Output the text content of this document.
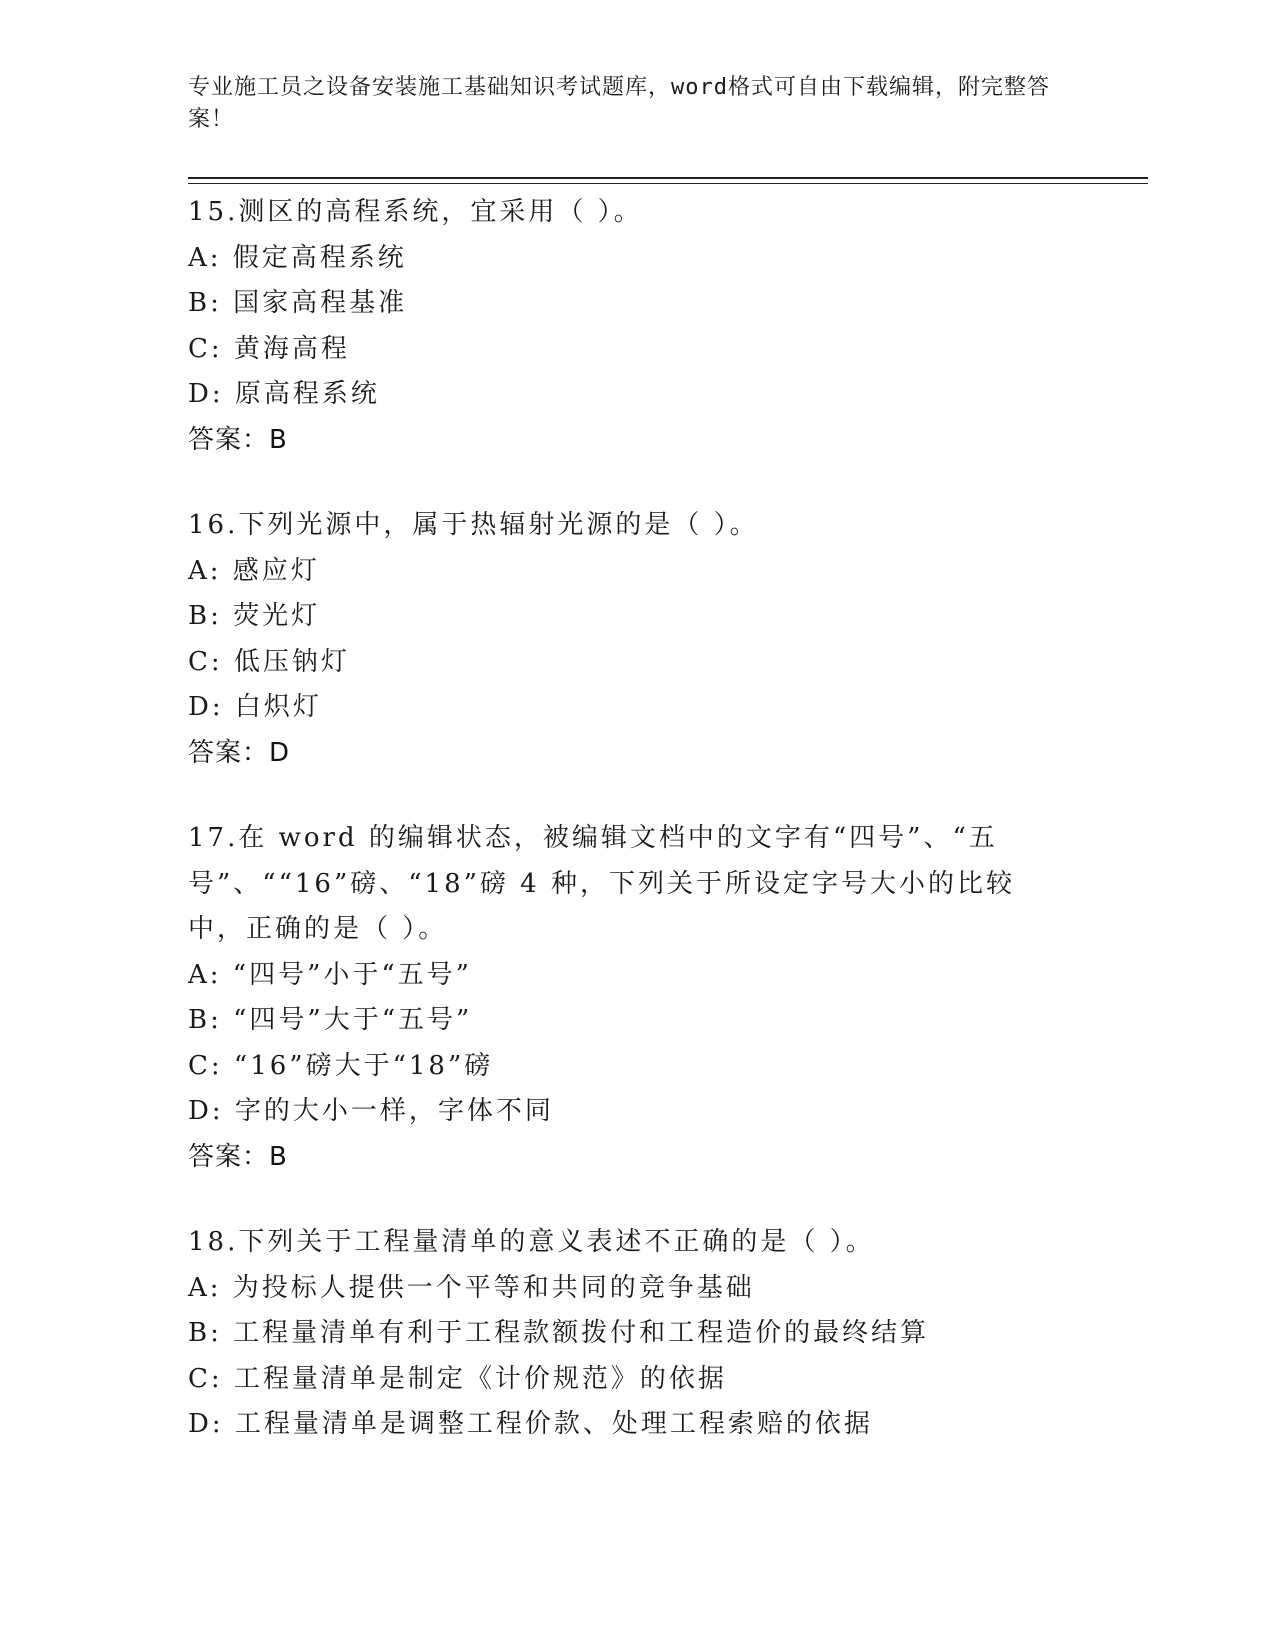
专业施工员之设备安装施工基础知识考试题库，word格式可自由下载编辑，附完整答案！
15.测区的高程系统，宜采用（ ）。
A: 假定高程系统
B: 国家高程基准
C: 黄海高程
D: 原高程系统
答案：B
16.下列光源中，属于热辐射光源的是（ ）。
A: 感应灯
B: 荧光灯
C: 低压钠灯
D: 白炽灯
答案：D
17.在 word 的编辑状态，被编辑文档中的文字有“四号”、“五号”、““16”磅、“18”磅 4 种，下列关于所设定字号大小的比较中，正确的是（ ）。
A: “四号”小于“五号”
B: “四号”大于“五号”
C: “16”磅大于“18”磅
D: 字的大小一样，字体不同
答案：B
18.下列关于工程量清单的意义表述不正确的是（ ）。
A: 为投标人提供一个平等和共同的竞争基础
B: 工程量清单有利于工程款额拨付和工程造价的最终结算
C: 工程量清单是制定《计价规范》的依据
D: 工程量清单是调整工程价款、处理工程索赔的依据
